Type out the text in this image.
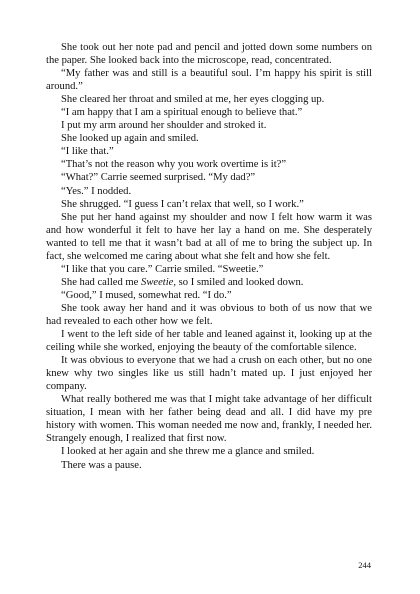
She took out her note pad and pencil and jotted down some numbers on the paper. She looked back into the microscope, read, concentrated.

“My father was and still is a beautiful soul. I’m happy his spirit is still around.”

She cleared her throat and smiled at me, her eyes clogging up.

“I am happy that I am a spiritual enough to believe that.”

I put my arm around her shoulder and stroked it.

She looked up again and smiled.

“I like that.”

“That’s not the reason why you work overtime is it?”

“What?” Carrie seemed surprised. “My dad?”

“Yes.” I nodded.

She shrugged. “I guess I can’t relax that well, so I work.”

She put her hand against my shoulder and now I felt how warm it was and how wonderful it felt to have her lay a hand on me. She desperately wanted to tell me that it wasn’t bad at all of me to bring the subject up. In fact, she welcomed me caring about what she felt and how she felt.

“I like that you care.” Carrie smiled. “Sweetie.”

She had called me Sweetie, so I smiled and looked down.

“Good,” I mused, somewhat red. “I do.”

She took away her hand and it was obvious to both of us now that we had revealed to each other how we felt.

I went to the left side of her table and leaned against it, looking up at the ceiling while she worked, enjoying the beauty of the comfortable silence.

It was obvious to everyone that we had a crush on each other, but no one knew why two singles like us still hadn’t mated up. I just enjoyed her company.

What really bothered me was that I might take advantage of her difficult situation, I mean with her father being dead and all. I did have my pre history with women. This woman needed me now and, frankly, I needed her. Strangely enough, I realized that first now.

I looked at her again and she threw me a glance and smiled.

There was a pause.

244
